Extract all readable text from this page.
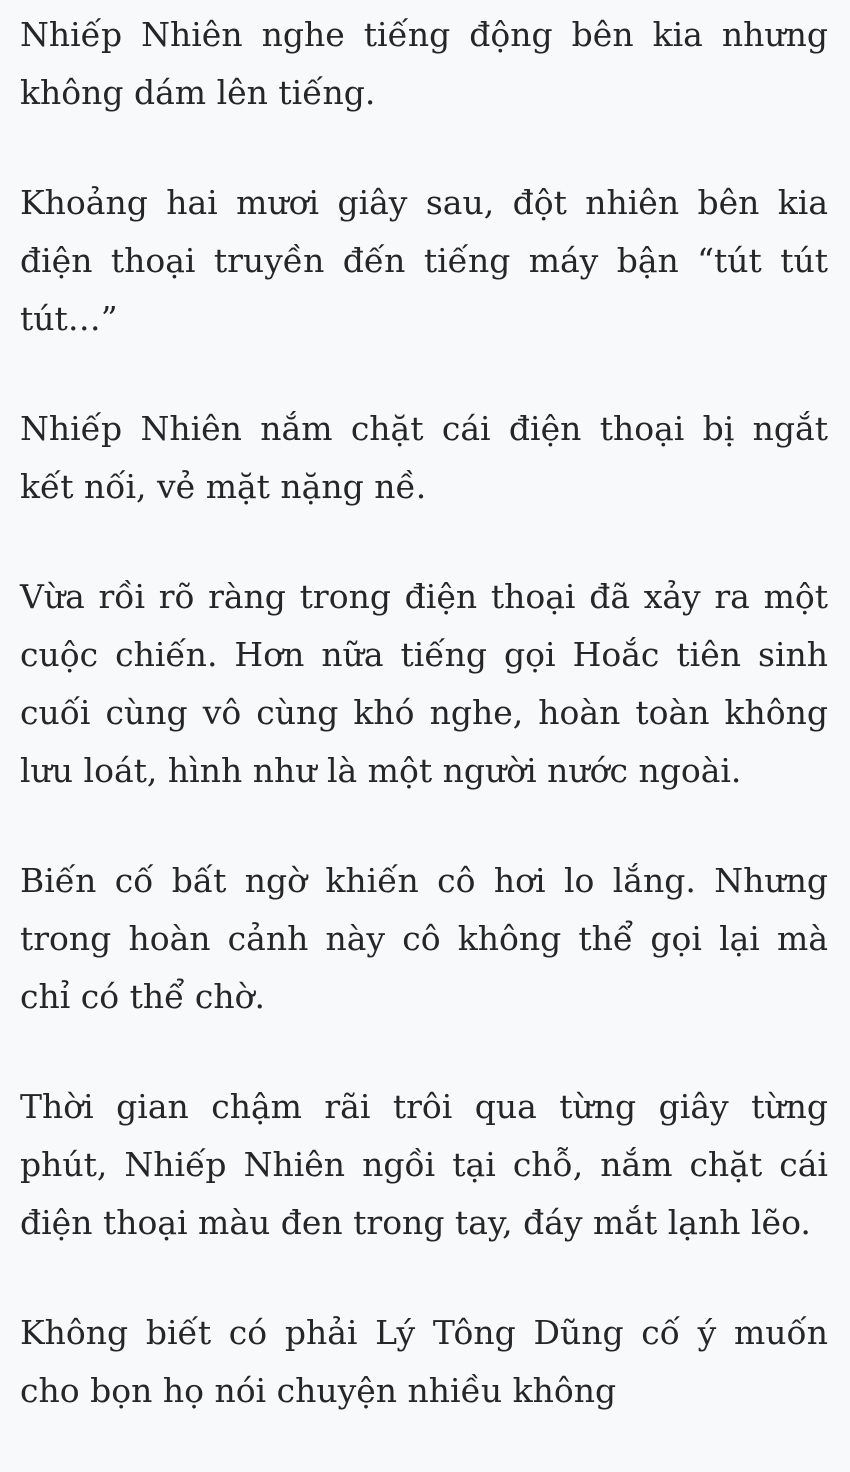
Nhiếp Nhiên nghe tiếng động bên kia nhưng không dám lên tiếng.

Khoảng hai mươi giây sau, đột nhiên bên kia điện thoại truyền đến tiếng máy bận “tút tút tút…”

Nhiếp Nhiên nắm chặt cái điện thoại bị ngắt kết nối, vẻ mặt nặng nề.

Vừa rồi rõ ràng trong điện thoại đã xảy ra một cuộc chiến. Hơn nữa tiếng gọi Hoắc tiên sinh cuối cùng vô cùng khó nghe, hoàn toàn không lưu loát, hình như là một người nước ngoài.

Biến cố bất ngờ khiến cô hơi lo lắng. Nhưng trong hoàn cảnh này cô không thể gọi lại mà chỉ có thể chờ.

Thời gian chậm rãi trôi qua từng giây từng phút, Nhiếp Nhiên ngồi tại chỗ, nắm chặt cái điện thoại màu đen trong tay, đáy mắt lạnh lẽo.

Không biết có phải Lý Tông Dũng cố ý muốn cho bọn họ nói chuyện nhiều không
